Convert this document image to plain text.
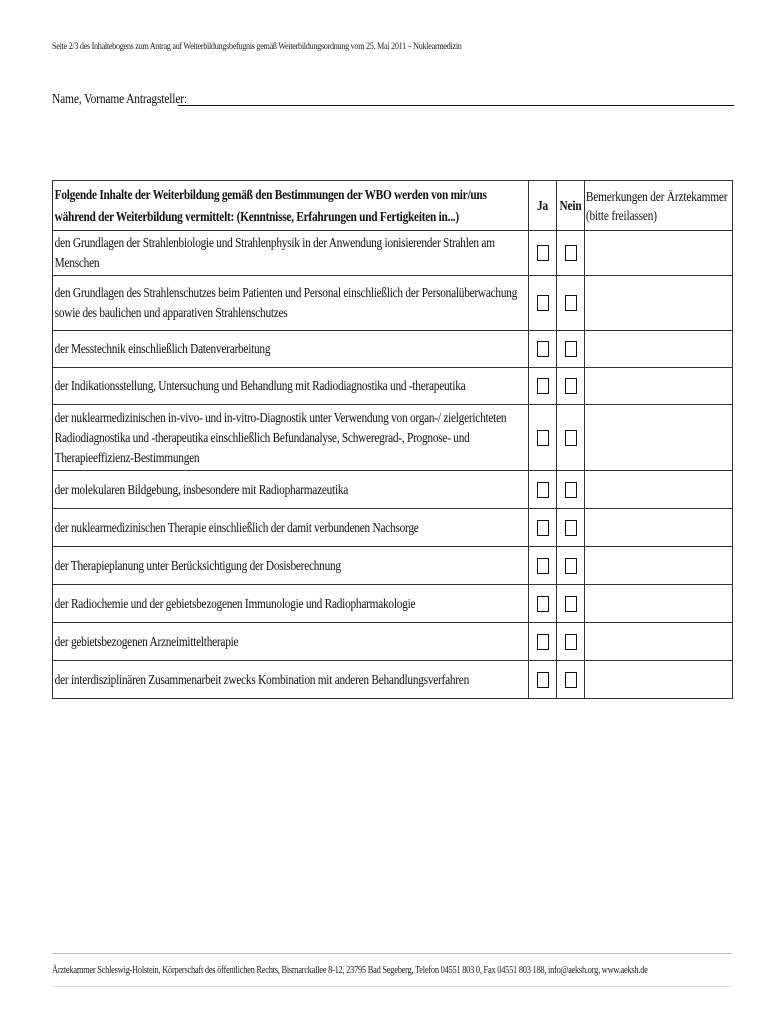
Seite 2/3 des Inhaltebogens zum Antrag auf Weiterbildungsbefugnis gemäß Weiterbildungsordnung vom 25. Mai 2011 – Nuklearmedizin
Name, Vorname Antragsteller:
Folgende Inhalte der Weiterbildung gemäß den Bestimmungen der WBO werden von mir/uns während der Weiterbildung vermittelt: (Kenntnisse, Erfahrungen und Fertigkeiten in...)	Ja	Nein	Bemerkungen der Ärztekammer (bitte freilassen)

den Grundlagen der Strahlenbiologie und Strahlenphysik in der Anwendung ionisierender Strahlen am Menschen			

den Grundlagen des Strahlenschutzes beim Patienten und Personal einschließlich der Personalüberwachung sowie des baulichen und apparativen Strahlenschutzes			

der Messtechnik einschließlich Datenverarbeitung			

der Indikationsstellung, Untersuchung und Behandlung mit Radiodiagnostika und -therapeutika			

der nuklearmedizinischen in-vivo- und in-vitro-Diagnostik unter Verwendung von organ-/ zielgerichteten Radiodiagnostika und -therapeutika einschließlich Befundanalyse, Schweregrad-, Prognose- und Therapieeffizienz-Bestimmungen			

der molekularen Bildgebung, insbesondere mit Radiopharmazeutika			

der nuklearmedizinischen Therapie einschließlich der damit verbundenen Nachsorge			

der Therapieplanung unter Berücksichtigung der Dosisberechnung			

der Radiochemie und der gebietsbezogenen Immunologie und Radiopharmakologie			

der gebietsbezogenen Arzneimitteltherapie			

der interdisziplinären Zusammenarbeit zwecks Kombination mit anderen Behandlungsverfahren			

Ärztekammer Schleswig-Holstein, Körperschaft des öffentlichen Rechts, Bismarckallee 8-12, 23795 Bad Segeberg, Telefon 04551 803 0, Fax 04551 803 188, info@aeksh.org, www.aeksh.de
